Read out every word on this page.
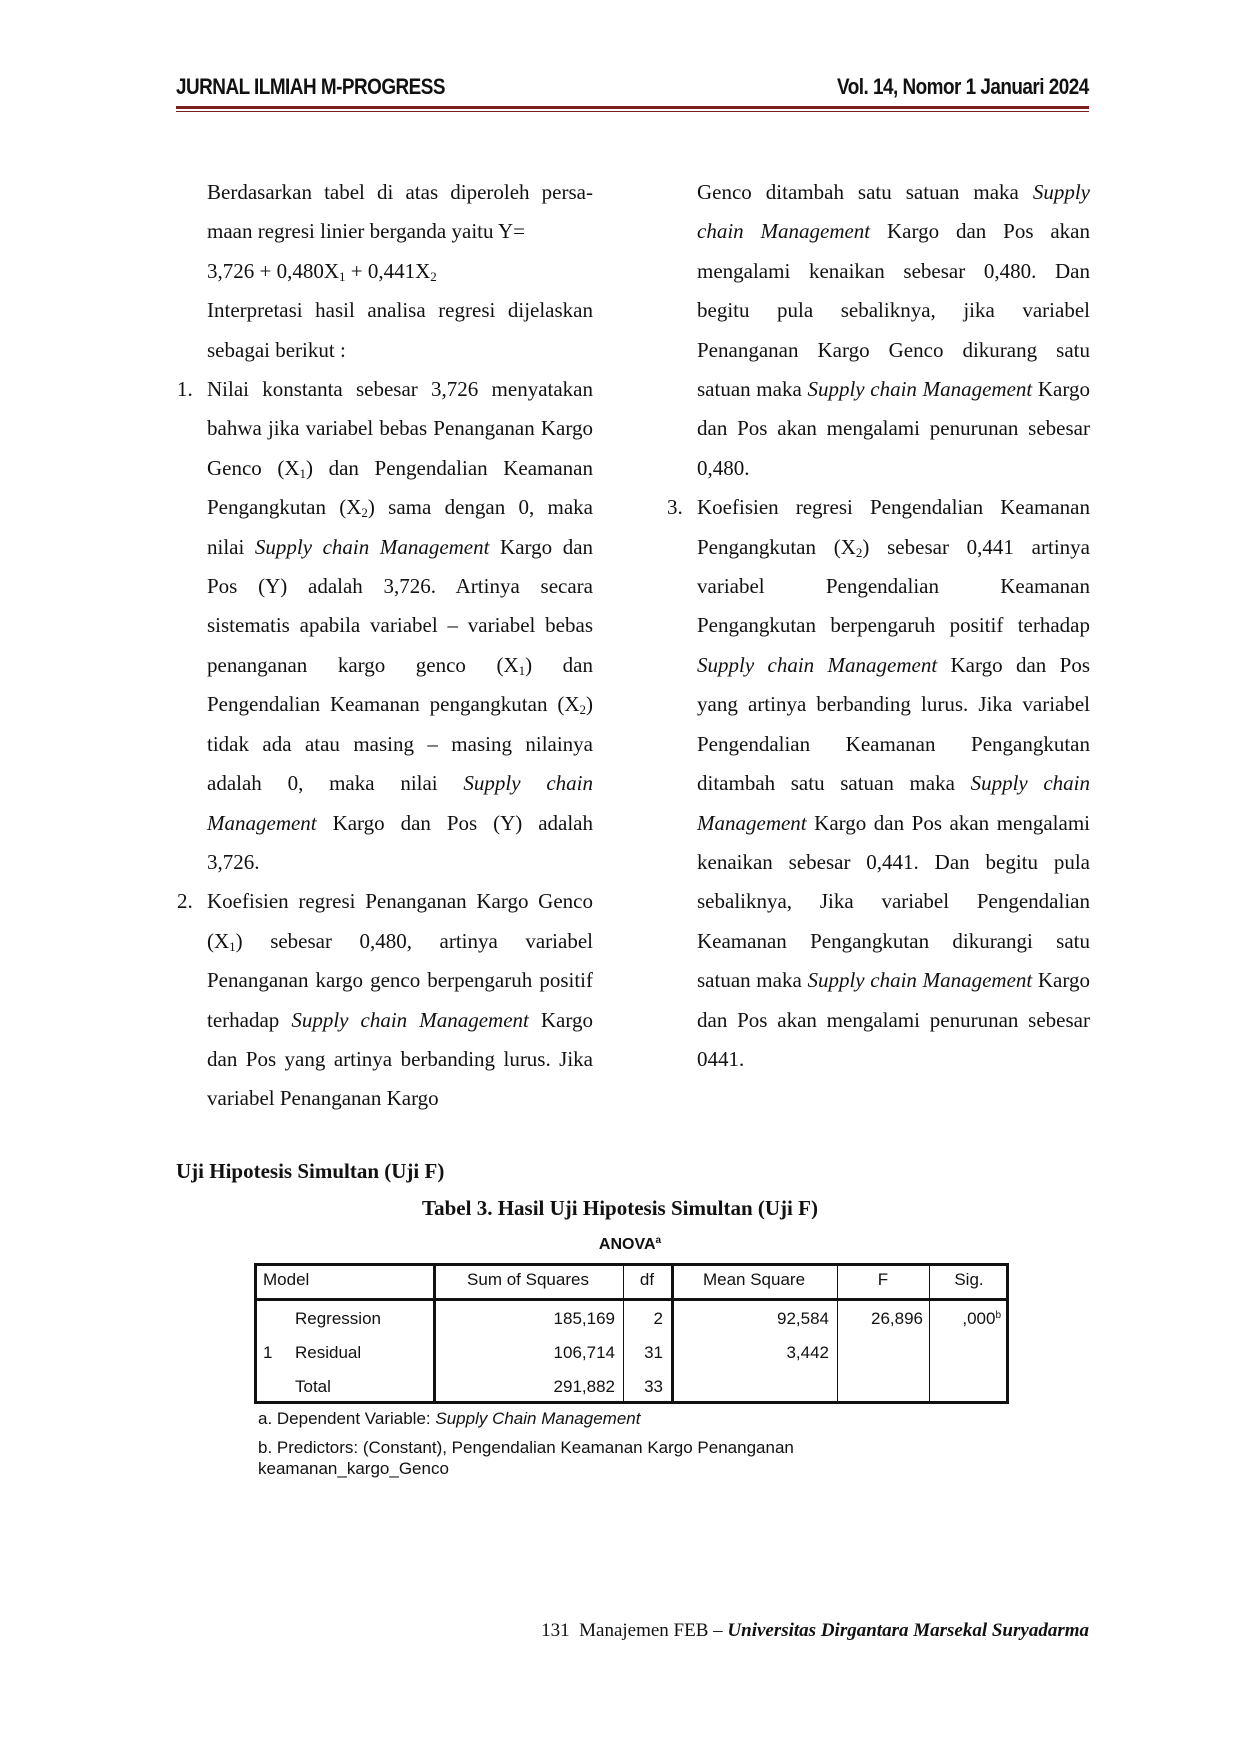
JURNAL ILMIAH M-PROGRESS	Vol. 14, Nomor 1 Januari 2024

Berdasarkan tabel di atas diperoleh persa-maan regresi linier berganda yaitu Y=
$3,726 + 0,480X_1 + 0,441X_2$

Interpretasi hasil analisa regresi dijelaskan sebagai berikut :

1. Nilai konstanta sebesar 3,726 menyatakan bahwa jika variabel bebas Penanganan Kargo Genco $(X_1)$ dan Pengendalian Keamanan Pengangkutan $(X_2)$ sama dengan 0, maka nilai Supply chain Management Kargo dan Pos (Y) adalah 3,726. Artinya secara sistematis apabila variabel – variabel bebas penanganan kargo genco $(X_1)$ dan Pengendalian Keamanan pengangkutan $(X_2)$ tidak ada atau masing – masing nilainya adalah 0, maka nilai Supply chain Management Kargo dan Pos (Y) adalah 3,726.
2. Koefisien regresi Penanganan Kargo Genco $(X_1)$ sebesar 0,480, artinya variabel Penanganan kargo genco berpengaruh positif terhadap Supply chain Management Kargo dan Pos yang artinya berbanding lurus. Jika variabel Penanganan Kargo

Genco ditambah satu satuan maka Supply chain Management Kargo dan Pos akan mengalami kenaikan sebesar 0,480. Dan begitu pula sebaliknya, jika variabel Penanganan Kargo Genco dikurang satu satuan maka Supply chain Management Kargo dan Pos akan mengalami penurunan sebesar 0,480.

3. Koefisien regresi Pengendalian Keamanan Pengangkutan $(X_2)$ sebesar 0,441 artinya variabel Pengendalian Keamanan Pengangkutan berpengaruh positif terhadap Supply chain Management Kargo dan Pos yang artinya berbanding lurus. Jika variabel Pengendalian Keamanan Pengangkutan ditambah satu satuan maka Supply chain Management Kargo dan Pos akan mengalami kenaikan sebesar 0,441. Dan begitu pula sebaliknya, Jika variabel Pengendalian Keamanan Pengangkutan dikurangi satu satuan maka Supply chain Management Kargo dan Pos akan mengalami penurunan sebesar 0441.
Uji Hipotesis Simultan (Uji F)
Tabel 3. Hasil Uji Hipotesis Simultan (Uji F)
ANOVA$^a$
Model	Sum of Squares	df	Mean Square	F	Sig.
1
Regression	185,169	2	92,584	26,896	,000$^b$
Residual	106,714	31	3,442
Total	291,882	33
a. Dependent Variable: Supply Chain Management
b. Predictors: (Constant), Pengendalian Keamanan Kargo Penanganan keamanan_kargo_Genco
131 Manajemen FEB – Universitas Dirgantara Marsekal Suryadarma
